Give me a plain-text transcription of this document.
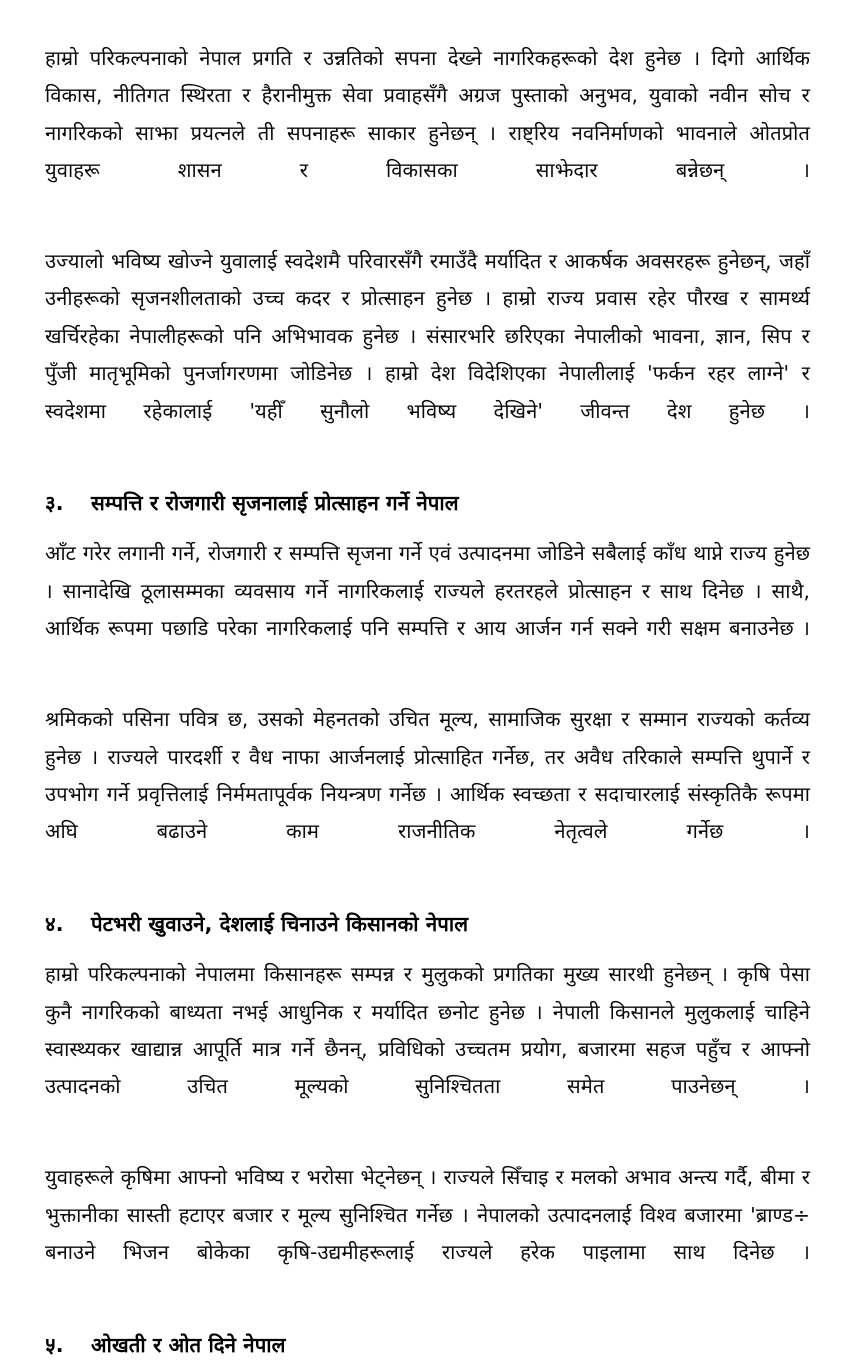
हाम्रो परिकल्पनाको नेपाल प्रगति र उन्नतिको सपना देख्ने नागरिकहरूको देश हुनेछ । दिगो आर्थिक विकास, नीतिगत स्थिरता र हैरानीमुक्त सेवा प्रवाहसँगै अग्रज पुस्ताको अनुभव, युवाको नवीन सोच र नागरिकको साझा प्रयत्नले ती सपनाहरू साकार हुनेछन् । राष्ट्रिय नवनिर्माणको भावनाले ओतप्रोत युवाहरू शासन र विकासका साझेदार बन्नेछन् ।

उज्यालो भविष्य खोज्ने युवालाई स्वदेशमै परिवारसँगै रमाउँदै मर्यादित र आकर्षक अवसरहरू हुनेछन्, जहाँ उनीहरूको सृजनशीलताको उच्च कदर र प्रोत्साहन हुनेछ । हाम्रो राज्य प्रवास रहेर पौरख र सामर्थ्य खर्चिरहेका नेपालीहरूको पनि अभिभावक हुनेछ । संसारभरि छरिएका नेपालीको भावना, ज्ञान, सिप र पुँजी मातृभूमिको पुनर्जागरणमा जोडिनेछ । हाम्रो देश विदेशिएका नेपालीलाई 'फर्कन रहर लाग्ने' र स्वदेशमा रहेकालाई 'यहीँ सुनौलो भविष्य देखिने' जीवन्त देश हुनेछ ।

३.	सम्पत्ति र रोजगारी सृजनालाई प्रोत्साहन गर्ने नेपाल

आँट गरेर लगानी गर्ने, रोजगारी र सम्पत्ति सृजना गर्ने एवं उत्पादनमा जोडिने सबैलाई काँध थाप्ने राज्य हुनेछ । सानादेखि ठूलासम्मका व्यवसाय गर्ने नागरिकलाई राज्यले हरतरहले प्रोत्साहन र साथ दिनेछ । साथै, आर्थिक रूपमा पछाडि परेका नागरिकलाई पनि सम्पत्ति र आय आर्जन गर्न सक्ने गरी सक्षम बनाउनेछ ।

श्रमिकको पसिना पवित्र छ, उसको मेहनतको उचित मूल्य, सामाजिक सुरक्षा र सम्मान राज्यको कर्तव्य हुनेछ । राज्यले पारदर्शी र वैध नाफा आर्जनलाई प्रोत्साहित गर्नेछ, तर अवैध तरिकाले सम्पत्ति थुपार्ने र उपभोग गर्ने प्रवृत्तिलाई निर्ममतापूर्वक नियन्त्रण गर्नेछ । आर्थिक स्वच्छता र सदाचारलाई संस्कृतिकै रूपमा अघि बढाउने काम राजनीतिक नेतृत्वले गर्नेछ ।

४.	पेटभरी खुवाउने, देशलाई चिनाउने किसानको नेपाल

हाम्रो परिकल्पनाको नेपालमा किसानहरू सम्पन्न र मुलुकको प्रगतिका मुख्य सारथी हुनेछन् । कृषि पेसा कुनै नागरिकको बाध्यता नभई आधुनिक र मर्यादित छनोट हुनेछ । नेपाली किसानले मुलुकलाई चाहिने स्वास्थ्यकर खाद्यान्न आपूर्ति मात्र गर्ने छैनन्, प्रविधिको उच्चतम प्रयोग, बजारमा सहज पहुँच र आफ्नो उत्पादनको उचित मूल्यको सुनिश्चितता समेत पाउनेछन् ।

युवाहरूले कृषिमा आफ्नो भविष्य र भरोसा भेट्नेछन् । राज्यले सिँचाइ र मलको अभाव अन्त्य गर्दै, बीमा र भुक्तानीका सास्ती हटाएर बजार र मूल्य सुनिश्चित गर्नेछ । नेपालको उत्पादनलाई विश्व बजारमा 'ब्राण्ड÷ बनाउने भिजन बोकेका कृषि-उद्यमीहरूलाई राज्यले हरेक पाइलामा साथ दिनेछ ।

५.	ओखती र ओत दिने नेपाल
